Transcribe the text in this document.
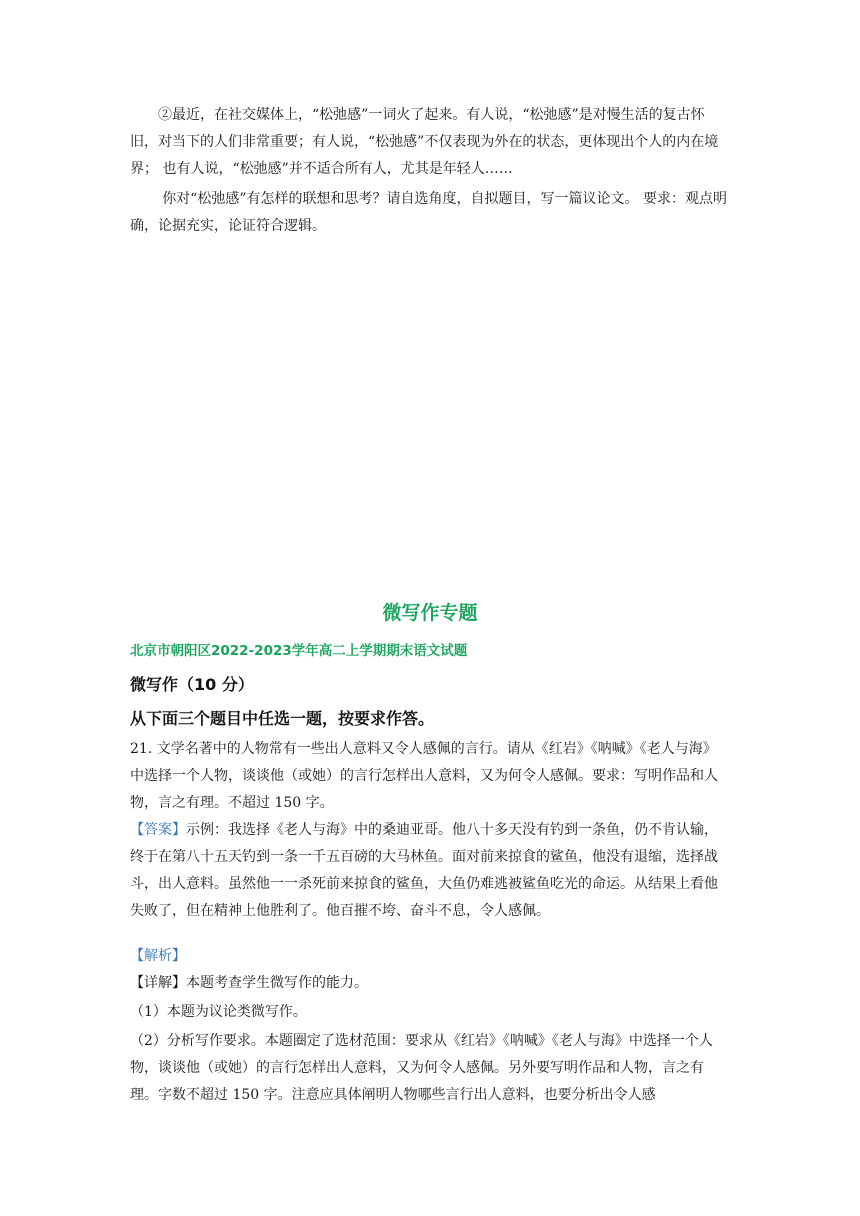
②最近，在社交媒体上，“松弛感”一词火了起来。有人说，“松弛感”是对慢生活的复古怀旧，对当下的人们非常重要；有人说，“松弛感”不仅表现为外在的状态，更体现出个人的内在境界； 也有人说，“松弛感”并不适合所有人，尤其是年轻人……

你对“松弛感”有怎样的联想和思考？请自选角度，自拟题目，写一篇议论文。 要求：观点明确，论据充实，论证符合逻辑。

微写作专题

北京市朝阳区2022-2023学年高二上学期期末语文试题

微写作（10 分）

从下面三个题目中任选一题，按要求作答。

21. 文学名著中的人物常有一些出人意料又令人感佩的言行。请从《红岩》《呐喊》《老人与海》中选择一个人物，谈谈他（或她）的言行怎样出人意料，又为何令人感佩。要求：写明作品和人物，言之有理。不超过 150 字。

【答案】示例：我选择《老人与海》中的桑迪亚哥。他八十多天没有钓到一条鱼，仍不肯认输，终于在第八十五天钓到一条一千五百磅的大马林鱼。面对前来掠食的鲨鱼，他没有退缩，选择战斗，出人意料。虽然他一一杀死前来掠食的鲨鱼，大鱼仍难逃被鲨鱼吃光的命运。从结果上看他失败了，但在精神上他胜利了。他百摧不垮、奋斗不息，令人感佩。

【解析】

【详解】本题考查学生微写作的能力。

（1）本题为议论类微写作。

（2）分析写作要求。本题圈定了选材范围：要求从《红岩》《呐喊》《老人与海》中选择一个人物，谈谈他（或她）的言行怎样出人意料，又为何令人感佩。另外要写明作品和人物，言之有理。字数不超过 150 字。注意应具体阐明人物哪些言行出人意料，也要分析出令人感
